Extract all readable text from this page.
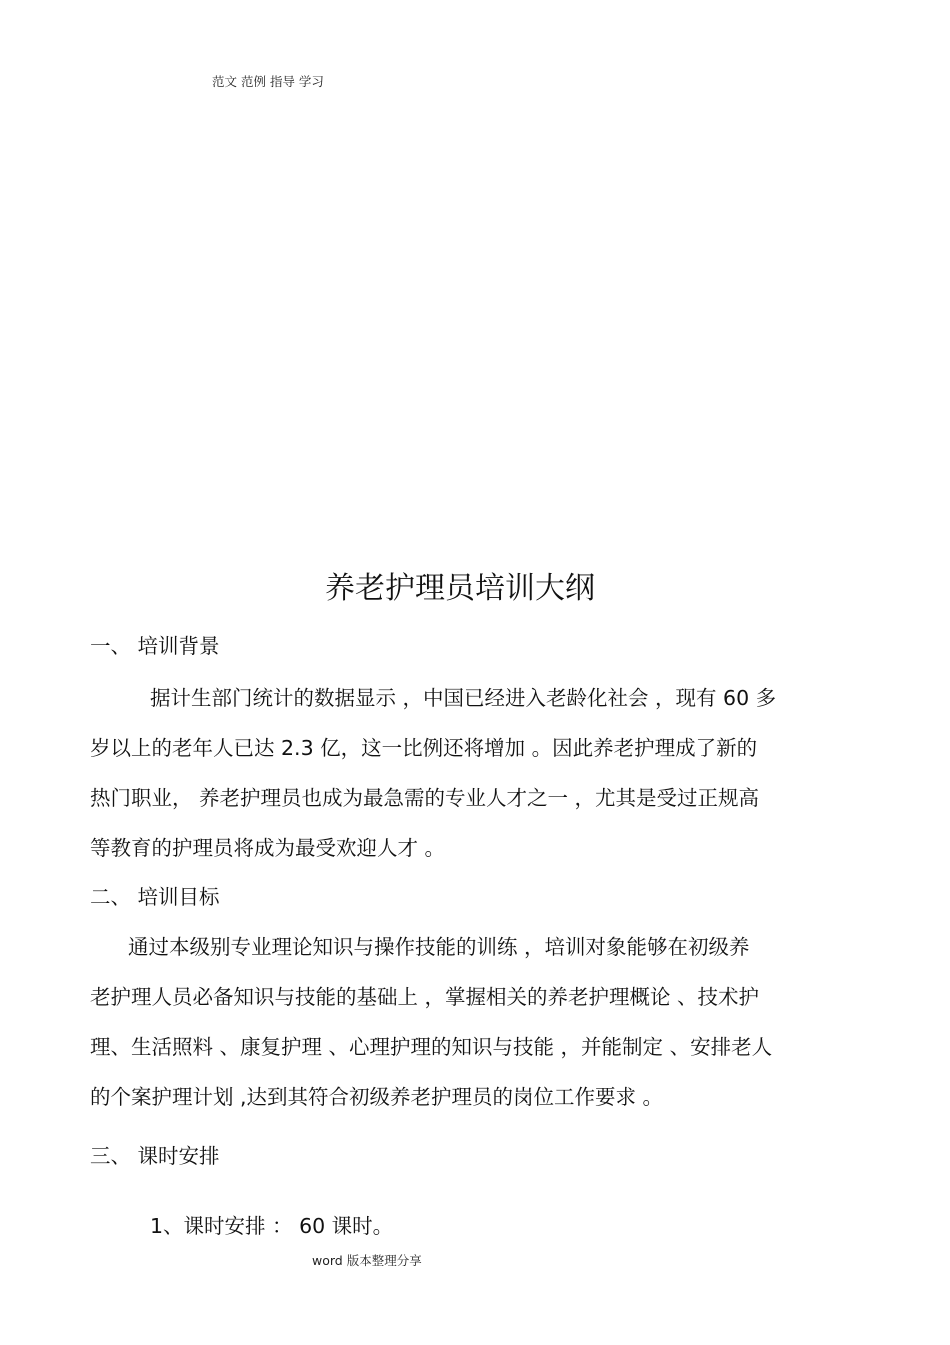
范文 范例 指导 学习
养老护理员培训大纲
一、 培训背景
据计生部门统计的数据显示 ，中国已经进入老龄化社会 ，现有 60 多
岁以上的老年人已达 2.3 亿，这一比例还将增加 。因此养老护理成了新的
热门职业， 养老护理员也成为最急需的专业人才之一 ，尤其是受过正规高
等教育的护理员将成为最受欢迎人才 。
二、 培训目标
通过本级别专业理论知识与操作技能的训练 ，培训对象能够在初级养
老护理人员必备知识与技能的基础上 ，掌握相关的养老护理概论 、技术护
理、生活照料 、康复护理 、心理护理的知识与技能 ，并能制定 、安排老人
的个案护理计划 ,达到其符合初级养老护理员的岗位工作要求 。
三、 课时安排
1、课时安排 ： 60 课时。
word 版本整理分享
